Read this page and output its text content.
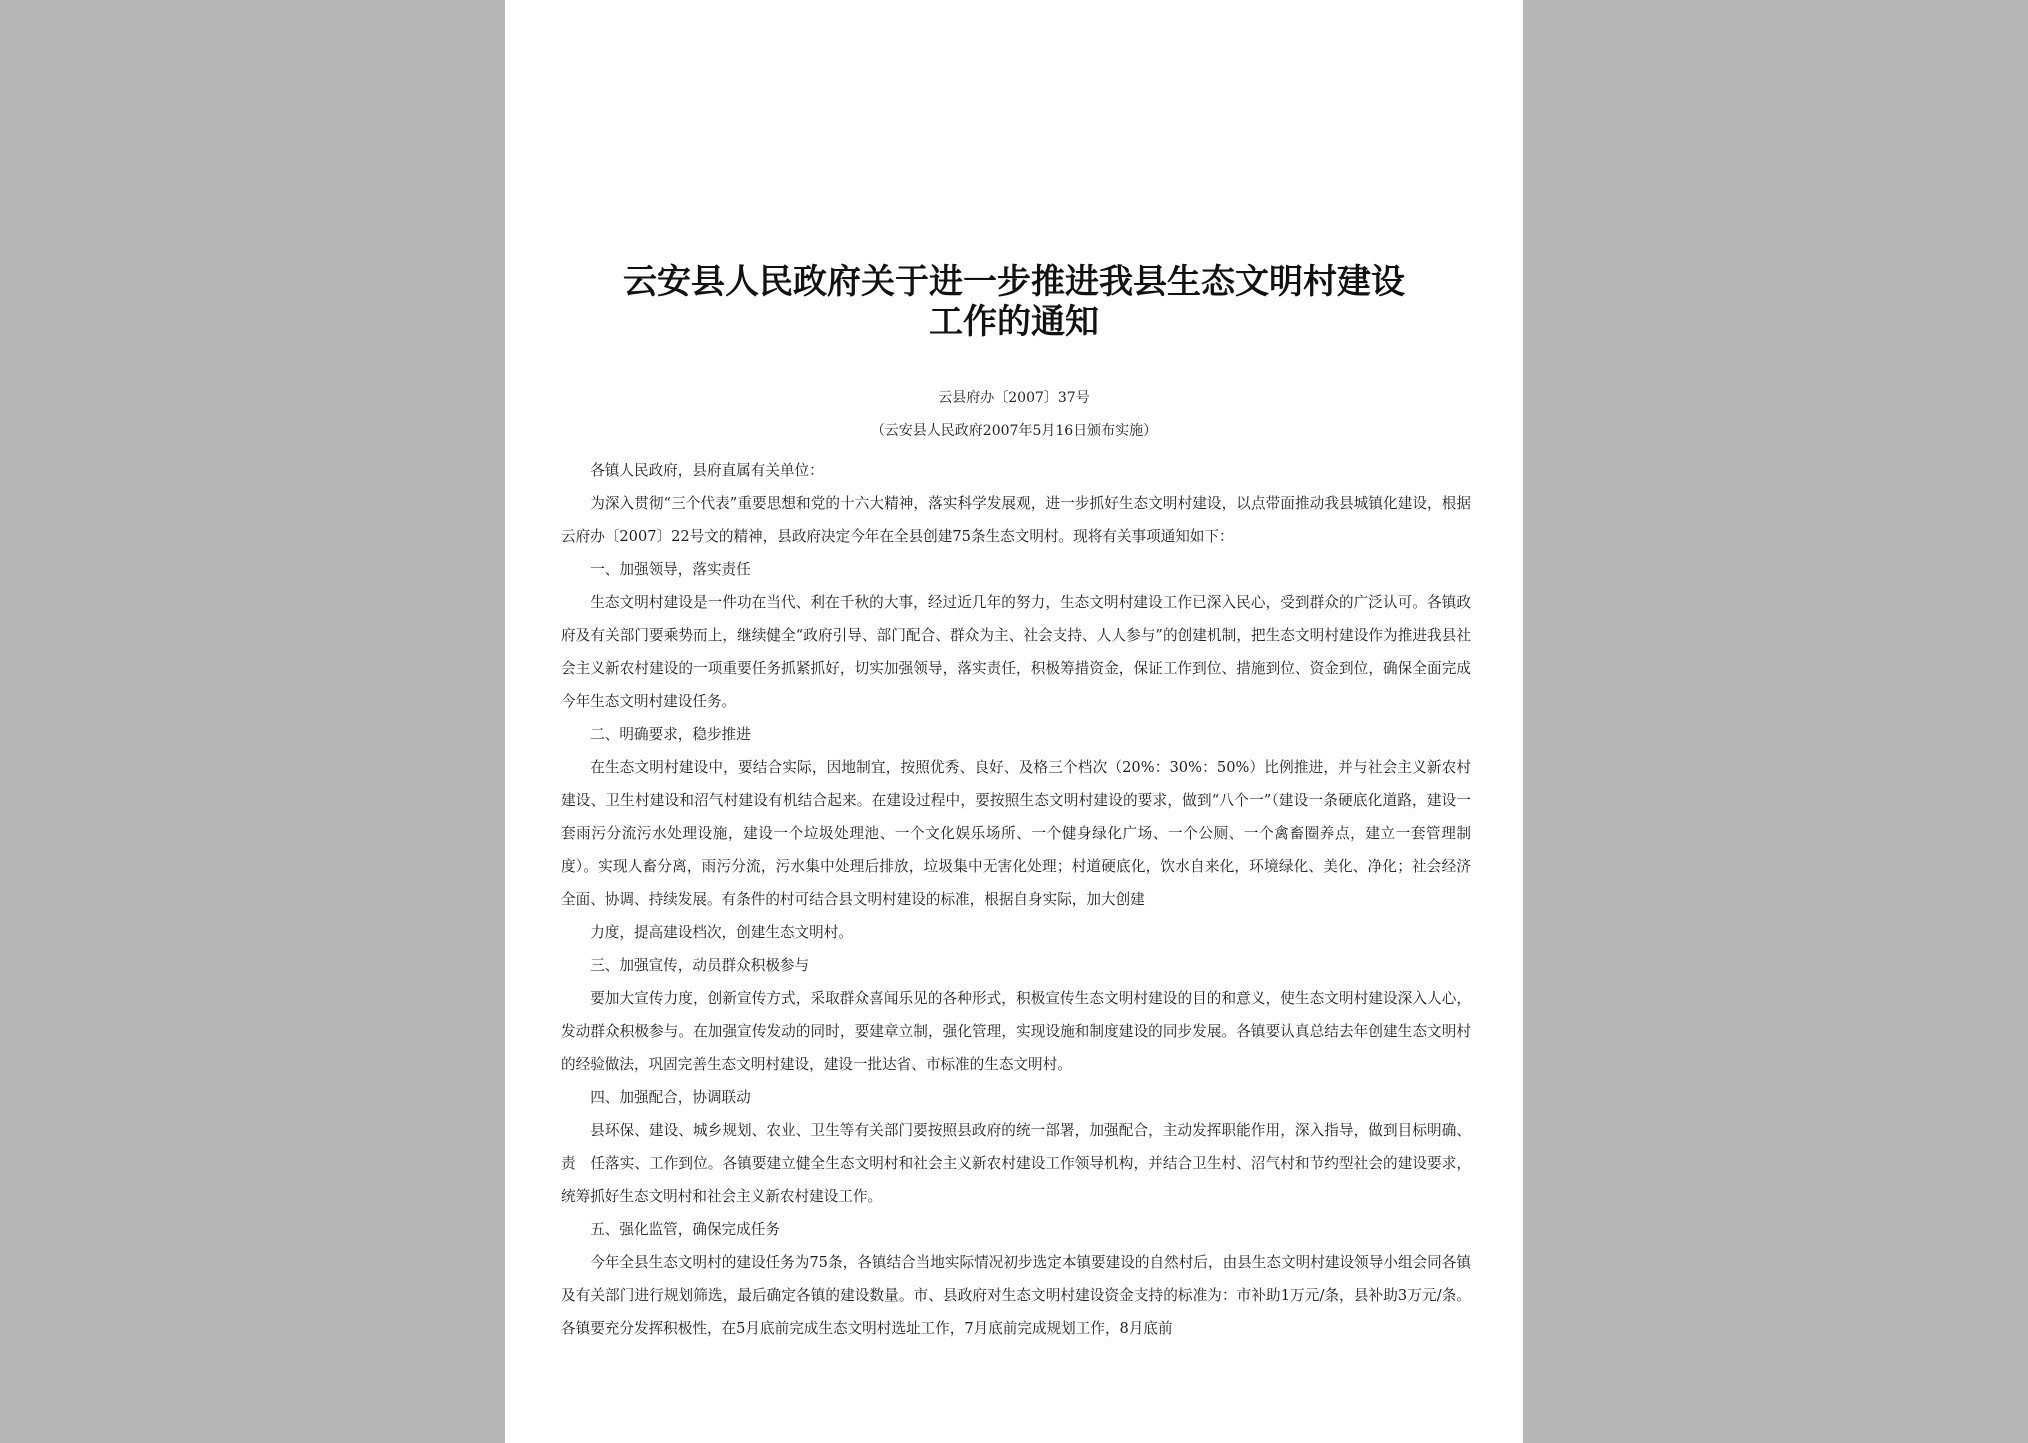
云安县人民政府关于进一步推进我县生态文明村建设
工作的通知
云县府办〔2007〕37号
（云安县人民政府2007年5月16日颁布实施）

各镇人民政府，县府直属有关单位：

为深入贯彻“三个代表”重要思想和党的十六大精神，落实科学发展观，进一步抓好生态文明村建设，以点带面推动我县城镇化建设，根据云府办〔2007〕22号文的精神，县政府决定今年在全县创建75条生态文明村。现将有关事项通知如下：

一、加强领导，落实责任

生态文明村建设是一件功在当代、利在千秋的大事，经过近几年的努力，生态文明村建设工作已深入民心，受到群众的广泛认可。各镇政府及有关部门要乘势而上，继续健全“政府引导、部门配合、群众为主、社会支持、人人参与”的创建机制，把生态文明村建设作为推进我县社会主义新农村建设的一项重要任务抓紧抓好，切实加强领导，落实责任，积极筹措资金，保证工作到位、措施到位、资金到位，确保全面完成今年生态文明村建设任务。

二、明确要求，稳步推进

在生态文明村建设中，要结合实际，因地制宜，按照优秀、良好、及格三个档次（20%：30%：50%）比例推进，并与社会主义新农村建设、卫生村建设和沼气村建设有机结合起来。在建设过程中，要按照生态文明村建设的要求，做到“八个一”（建设一条硬底化道路，建设一套雨污分流污水处理设施，建设一个垃圾处理池、一个文化娱乐场所、一个健身绿化广场、一个公厕、一个禽畜圈养点，建立一套管理制度）。实现人畜分离，雨污分流，污水集中处理后排放，垃圾集中无害化处理；村道硬底化，饮水自来化，环境绿化、美化、净化；社会经济全面、协调、持续发展。有条件的村可结合县文明村建设的标准，根据自身实际，加大创建

力度，提高建设档次，创建生态文明村。

三、加强宣传，动员群众积极参与

要加大宣传力度，创新宣传方式，采取群众喜闻乐见的各种形式，积极宣传生态文明村建设的目的和意义，使生态文明村建设深入人心，发动群众积极参与。在加强宣传发动的同时，要建章立制，强化管理，实现设施和制度建设的同步发展。各镇要认真总结去年创建生态文明村的经验做法，巩固完善生态文明村建设，建设一批达省、市标准的生态文明村。

四、加强配合，协调联动

县环保、建设、城乡规划、农业、卫生等有关部门要按照县政府的统一部署，加强配合，主动发挥职能作用，深入指导，做到目标明确、责　任落实、工作到位。各镇要建立健全生态文明村和社会主义新农村建设工作领导机构，并结合卫生村、沼气村和节约型社会的建设要求，统筹抓好生态文明村和社会主义新农村建设工作。

五、强化监管，确保完成任务

今年全县生态文明村的建设任务为75条，各镇结合当地实际情况初步选定本镇要建设的自然村后，由县生态文明村建设领导小组会同各镇及有关部门进行规划筛选，最后确定各镇的建设数量。市、县政府对生态文明村建设资金支持的标准为：市补助1万元/条，县补助3万元/条。各镇要充分发挥积极性，在5月底前完成生态文明村选址工作，7月底前完成规划工作，8月底前
